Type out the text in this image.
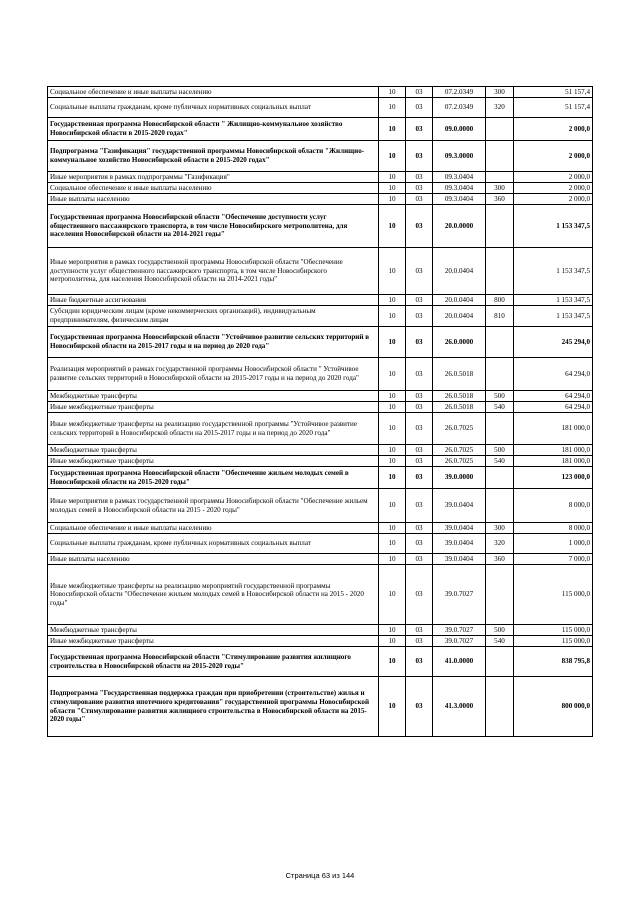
Социальное обеспечение и иные выплаты населению	10	03	07.2.0349	300	51 157,4
Социальные выплаты гражданам, кроме публичных нормативных социальных выплат	10	03	07.2.0349	320	51 157,4
Государственная программа Новосибирской области " Жилищно-коммунальное хозяйство Новосибирской области в 2015-2020 годах"	10	03	09.0.0000		2 000,0
Подпрограмма "Газификация" государственной программы Новосибирской области "Жилищно-коммунальное хозяйство Новосибирской области в 2015-2020 годах"	10	03	09.3.0000		2 000,0
Иные мероприятия в рамках подпрограммы "Газификация"	10	03	09.3.0404		2 000,0
Социальное обеспечение и иные выплаты населению	10	03	09.3.0404	300	2 000,0
Иные выплаты населению	10	03	09.3.0404	360	2 000,0
Государственная программа Новосибирской области "Обеспечение доступности услуг общественного пассажирского транспорта, в том числе Новосибирского метрополитена, для населения Новосибирской области на 2014-2021 годы"	10	03	20.0.0000		1 153 347,5
Иные мероприятия в рамках государственной программы Новосибирской области "Обеспечение доступности услуг общественного пассажирского транспорта, в том числе Новосибирского метрополитена, для населения Новосибирской области на 2014-2021 годы"	10	03	20.0.0404		1 153 347,5
Иные бюджетные ассигнования	10	03	20.0.0404	800	1 153 347,5
Субсидии юридическим лицам (кроме некоммерческих организаций), индивидуальным предпринимателям, физическим лицам	10	03	20.0.0404	810	1 153 347,5
Государственная программа Новосибирской области "Устойчивое развитие сельских территорий в Новосибирской области на 2015-2017 годы и на период до 2020 года"	10	03	26.0.0000		245 294,0
Реализация мероприятий в рамках государственной программы Новосибирской области " Устойчивое развитие сельских территорий в Новосибирской области на 2015-2017 годы и на период до 2020 года"	10	03	26.0.5018		64 294,0
Межбюджетные трансферты	10	03	26.0.5018	500	64 294,0
Иные межбюджетные трансферты	10	03	26.0.5018	540	64 294,0
Иные межбюджетные трансферты на реализацию государственной программы "Устойчивое развитие сельских территорий в Новосибирской области на 2015-2017 годы и на период до 2020 года"	10	03	26.0.7025		181 000,0
Межбюджетные трансферты	10	03	26.0.7025	500	181 000,0
Иные межбюджетные трансферты	10	03	26.0.7025	540	181 000,0
Государственная программа Новосибирской области "Обеспечение жильем молодых семей в Новосибирской области на 2015-2020 годы"	10	03	39.0.0000		123 000,0
Иные мероприятия в рамках государственной программы Новосибирской области "Обеспечение жильем молодых семей в Новосибирской области на 2015 - 2020 годы"	10	03	39.0.0404		8 000,0
Социальное обеспечение и иные выплаты населению	10	03	39.0.0404	300	8 000,0
Социальные выплаты гражданам, кроме публичных нормативных социальных выплат	10	03	39.0.0404	320	1 000,0
Иные выплаты населению	10	03	39.0.0404	360	7 000,0
Иные межбюджетные трансферты на реализацию мероприятий государственной программы Новосибирской области "Обеспечение жильем молодых семей в Новосибирской области на 2015 - 2020 годы"	10	03	39.0.7027		115 000,0
Межбюджетные трансферты	10	03	39.0.7027	500	115 000,0
Иные межбюджетные трансферты	10	03	39.0.7027	540	115 000,0
Государственная программа Новосибирской области "Стимулирование развития жилищного строительства в Новосибирской области на 2015-2020 годы"	10	03	41.0.0000		838 795,8
Подпрограмма "Государственная поддержка граждан при приобретении (строительстве) жилья и стимулирование развития ипотечного кредитования" государственной программы Новосибирской области "Стимулирование развития жилищного строительства в Новосибирской области на 2015-2020 годы"	10	03	41.3.0000		800 000,0
Страница 63 из 144
